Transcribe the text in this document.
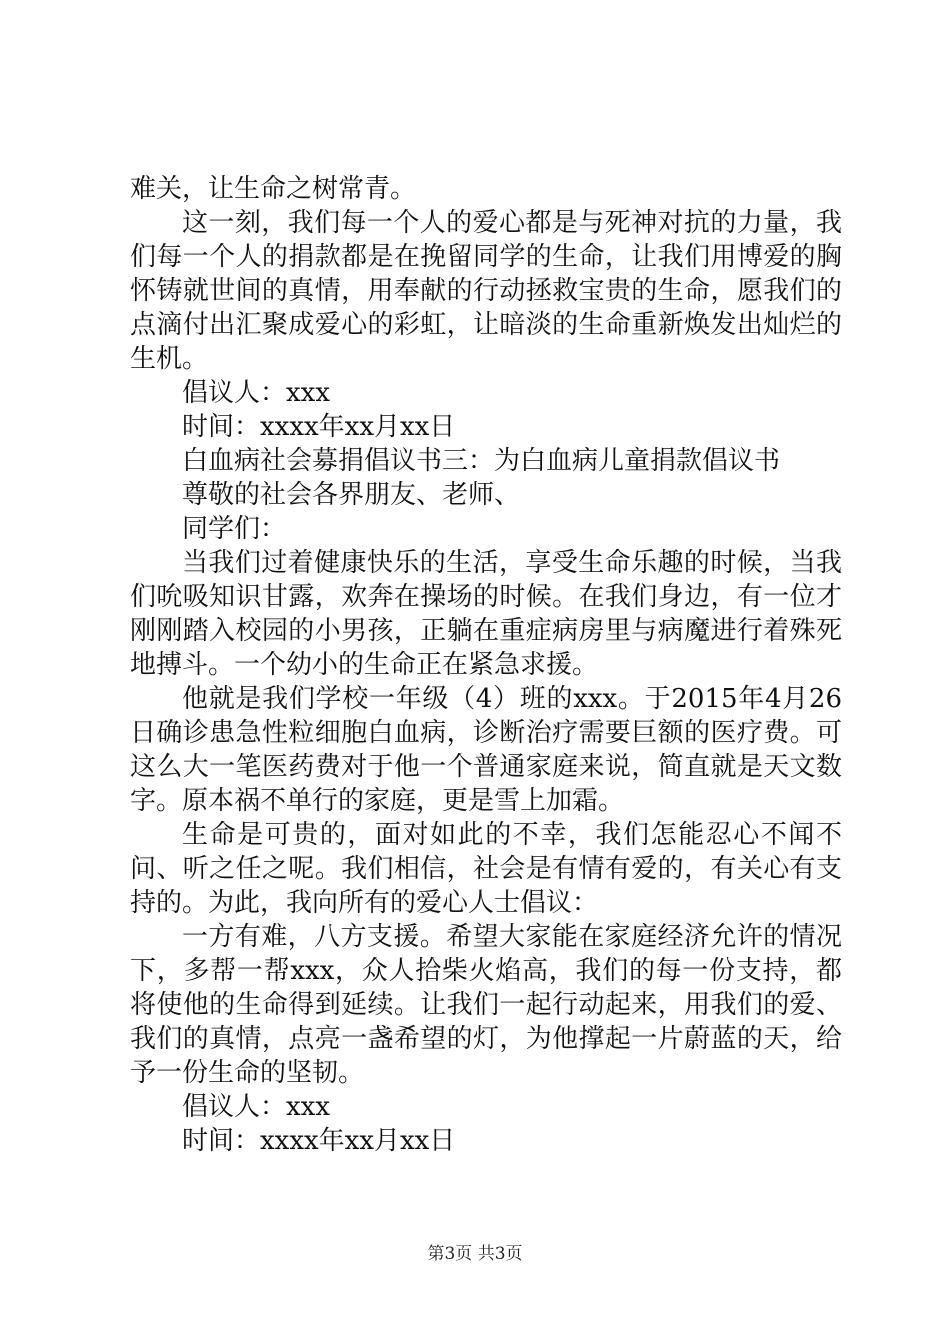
难关，让生命之树常青。

这一刻，我们每一个人的爱心都是与死神对抗的力量，我们每一个人的捐款都是在挽留同学的生命，让我们用博爱的胸怀铸就世间的真情，用奉献的行动拯救宝贵的生命，愿我们的点滴付出汇聚成爱心的彩虹，让暗淡的生命重新焕发出灿烂的生机。

倡议人：xxx

时间：xxxx年xx月xx日

白血病社会募捐倡议书三：为白血病儿童捐款倡议书

尊敬的社会各界朋友、老师、

同学们：

当我们过着健康快乐的生活，享受生命乐趣的时候，当我们吮吸知识甘露，欢奔在操场的时候。在我们身边，有一位才刚刚踏入校园的小男孩，正躺在重症病房里与病魔进行着殊死地搏斗。一个幼小的生命正在紧急求援。

他就是我们学校一年级（4）班的xxx。于2015年4月26日确诊患急性粒细胞白血病，诊断治疗需要巨额的医疗费。可这么大一笔医药费对于他一个普通家庭来说，简直就是天文数字。原本祸不单行的家庭，更是雪上加霜。

生命是可贵的，面对如此的不幸，我们怎能忍心不闻不问、听之任之呢。我们相信，社会是有情有爱的，有关心有支持的。为此，我向所有的爱心人士倡议：

一方有难，八方支援。希望大家能在家庭经济允许的情况下，多帮一帮xxx，众人拾柴火焰高，我们的每一份支持，都将使他的生命得到延续。让我们一起行动起来，用我们的爱、我们的真情，点亮一盏希望的灯，为他撑起一片蔚蓝的天，给予一份生命的坚韧。

倡议人：xxx

时间：xxxx年xx月xx日

第3页 共3页
